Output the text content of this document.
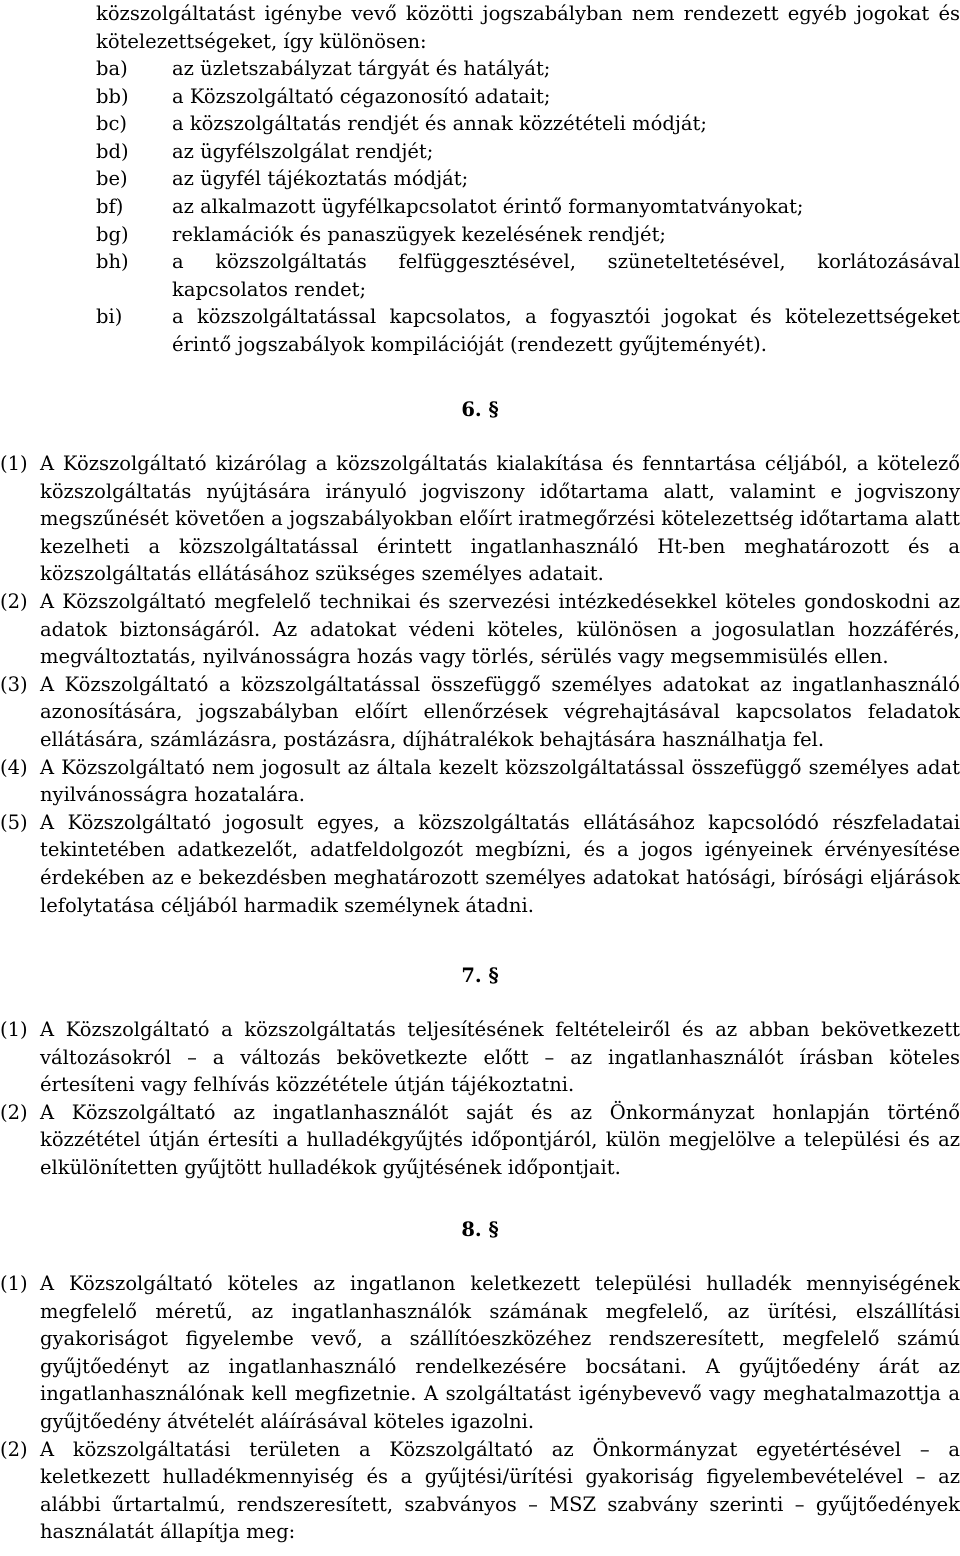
közszolgáltatást igénybe vevő közötti jogszabályban nem rendezett egyéb jogokat és kötelezettségeket, így különösen:

ba)	az üzletszabályzat tárgyát és hatályát;
bb)	a Közszolgáltató cégazonosító adatait;
bc)	a közszolgáltatás rendjét és annak közzétételi módját;
bd)	az ügyfélszolgálat rendjét;
be)	az ügyfél tájékoztatás módját;
bf)	az alkalmazott ügyfélkapcsolatot érintő formanyomtatványokat;
bg)	reklamációk és panaszügyek kezelésének rendjét;
bh)	a közszolgáltatás felfüggesztésével, szüneteltetésével, korlátozásával kapcsolatos rendet;
bi)	a közszolgáltatással kapcsolatos, a fogyasztói jogokat és kötelezettségeket érintő jogszabályok kompilációját (rendezett gyűjteményét).
6. §
(1) A Közszolgáltató kizárólag a közszolgáltatás kialakítása és fenntartása céljából, a kötelező közszolgáltatás nyújtására irányuló jogviszony időtartama alatt, valamint e jogviszony megszűnését követően a jogszabályokban előírt iratmegőrzési kötelezettség időtartama alatt kezelheti a közszolgáltatással érintett ingatlanhasználó Ht-ben meghatározott és a közszolgáltatás ellátásához szükséges személyes adatait.
(2) A Közszolgáltató megfelelő technikai és szervezési intézkedésekkel köteles gondoskodni az adatok biztonságáról. Az adatokat védeni köteles, különösen a jogosulatlan hozzáférés, megváltoztatás, nyilvánosságra hozás vagy törlés, sérülés vagy megsemmisülés ellen.
(3) A Közszolgáltató a közszolgáltatással összefüggő személyes adatokat az ingatlanhasználó azonosítására, jogszabályban előírt ellenőrzések végrehajtásával kapcsolatos feladatok ellátására, számlázásra, postázásra, díjhátralékok behajtására használhatja fel.
(4) A Közszolgáltató nem jogosult az általa kezelt közszolgáltatással összefüggő személyes adat nyilvánosságra hozatalára.
(5) A Közszolgáltató jogosult egyes, a közszolgáltatás ellátásához kapcsolódó részfeladatai tekintetében adatkezelőt, adatfeldolgozót megbízni, és a jogos igényeinek érvényesítése érdekében az e bekezdésben meghatározott személyes adatokat hatósági, bírósági eljárások lefolytatása céljából harmadik személynek átadni.
7. §
(1) A Közszolgáltató a közszolgáltatás teljesítésének feltételeiről és az abban bekövetkezett változásokról – a változás bekövetkezte előtt – az ingatlanhasználót írásban köteles értesíteni vagy felhívás közzététele útján tájékoztatni.
(2) A Közszolgáltató az ingatlanhasználót saját és az Önkormányzat honlapján történő közzététel útján értesíti a hulladékgyűjtés időpontjáról, külön megjelölve a települési és az elkülönítetten gyűjtött hulladékok gyűjtésének időpontjait.
8. §
(1) A Közszolgáltató köteles az ingatlanon keletkezett települési hulladék mennyiségének megfelelő méretű, az ingatlanhasználók számának megfelelő, az ürítési, elszállítási gyakoriságot figyelembe vevő, a szállítóeszközéhez rendszeresített, megfelelő számú gyűjtőedényt az ingatlanhasználó rendelkezésére bocsátani. A gyűjtőedény árát az ingatlanhasználónak kell megfizetnie. A szolgáltatást igénybevevő vagy meghatalmazottja a gyűjtőedény átvételét aláírásával köteles igazolni.
(2) A közszolgáltatási területen a Közszolgáltató az Önkormányzat egyetértésével – a keletkezett hulladékmennyiség és a gyűjtési/ürítési gyakoriság figyelembevételével – az alábbi űrtartalmú, rendszeresített, szabványos – MSZ szabvány szerinti – gyűjtőedények használatát állapítja meg:
